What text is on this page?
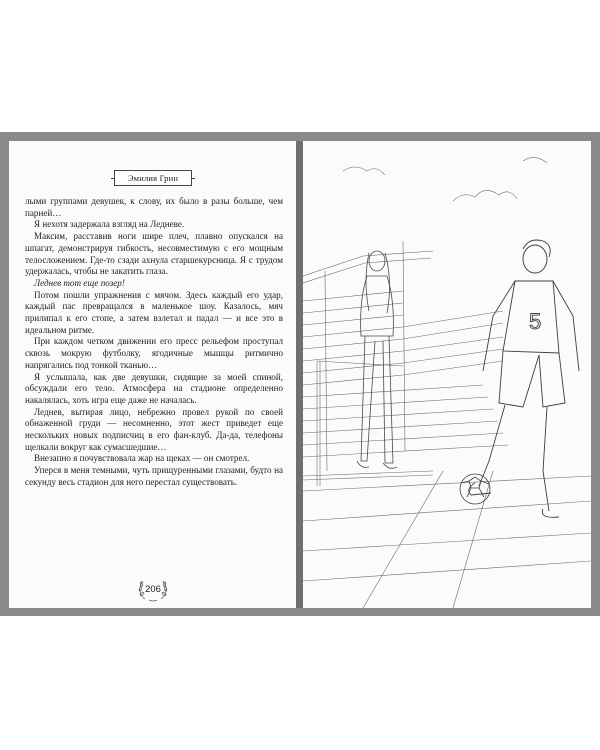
Эмилия Грин

лыми группами девушек, к слову, их было в разы больше, чем парней…

Я нехотя задержала взгляд на Ледневе.

Максим, расставив ноги шире плеч, плавно опускался на шпагат, демонстрируя гибкость, несовместимую с его мощным телосложением. Где-то сзади ахнула старшекурсница. Я с трудом удержалась, чтобы не закатить глаза.

Леднев тот еще позер!

Потом пошли упражнения с мячом. Здесь каждый его удар, каждый пас превращался в маленькое шоу. Казалось, мяч прилипал к его стопе, а затем взлетал и падал — и все это в идеальном ритме.

При каждом четком движении его пресс рельефом проступал сквозь мокрую футболку, ягодичные мышцы ритмично напрягались под тонкой тканью…

Я услышала, как две девушки, сидящие за моей спиной, обсуждали его тело. Атмосфера на стадионе определенно накалялась, хоть игра еще даже не началась.

Леднев, вытирая лицо, небрежно провел рукой по своей обнаженной груди — несомненно, этот жест приведет еще нескольких новых подписчиц в его фан-клуб. Да-да, телефоны щелкали вокруг как сумасшедшие…

Внезапно я почувствовала жар на щеках — он смотрел.

Уперся в меня темными, чуть прищуренными глазами, будто на секунду весь стадион для него перестал существовать.

206
5
